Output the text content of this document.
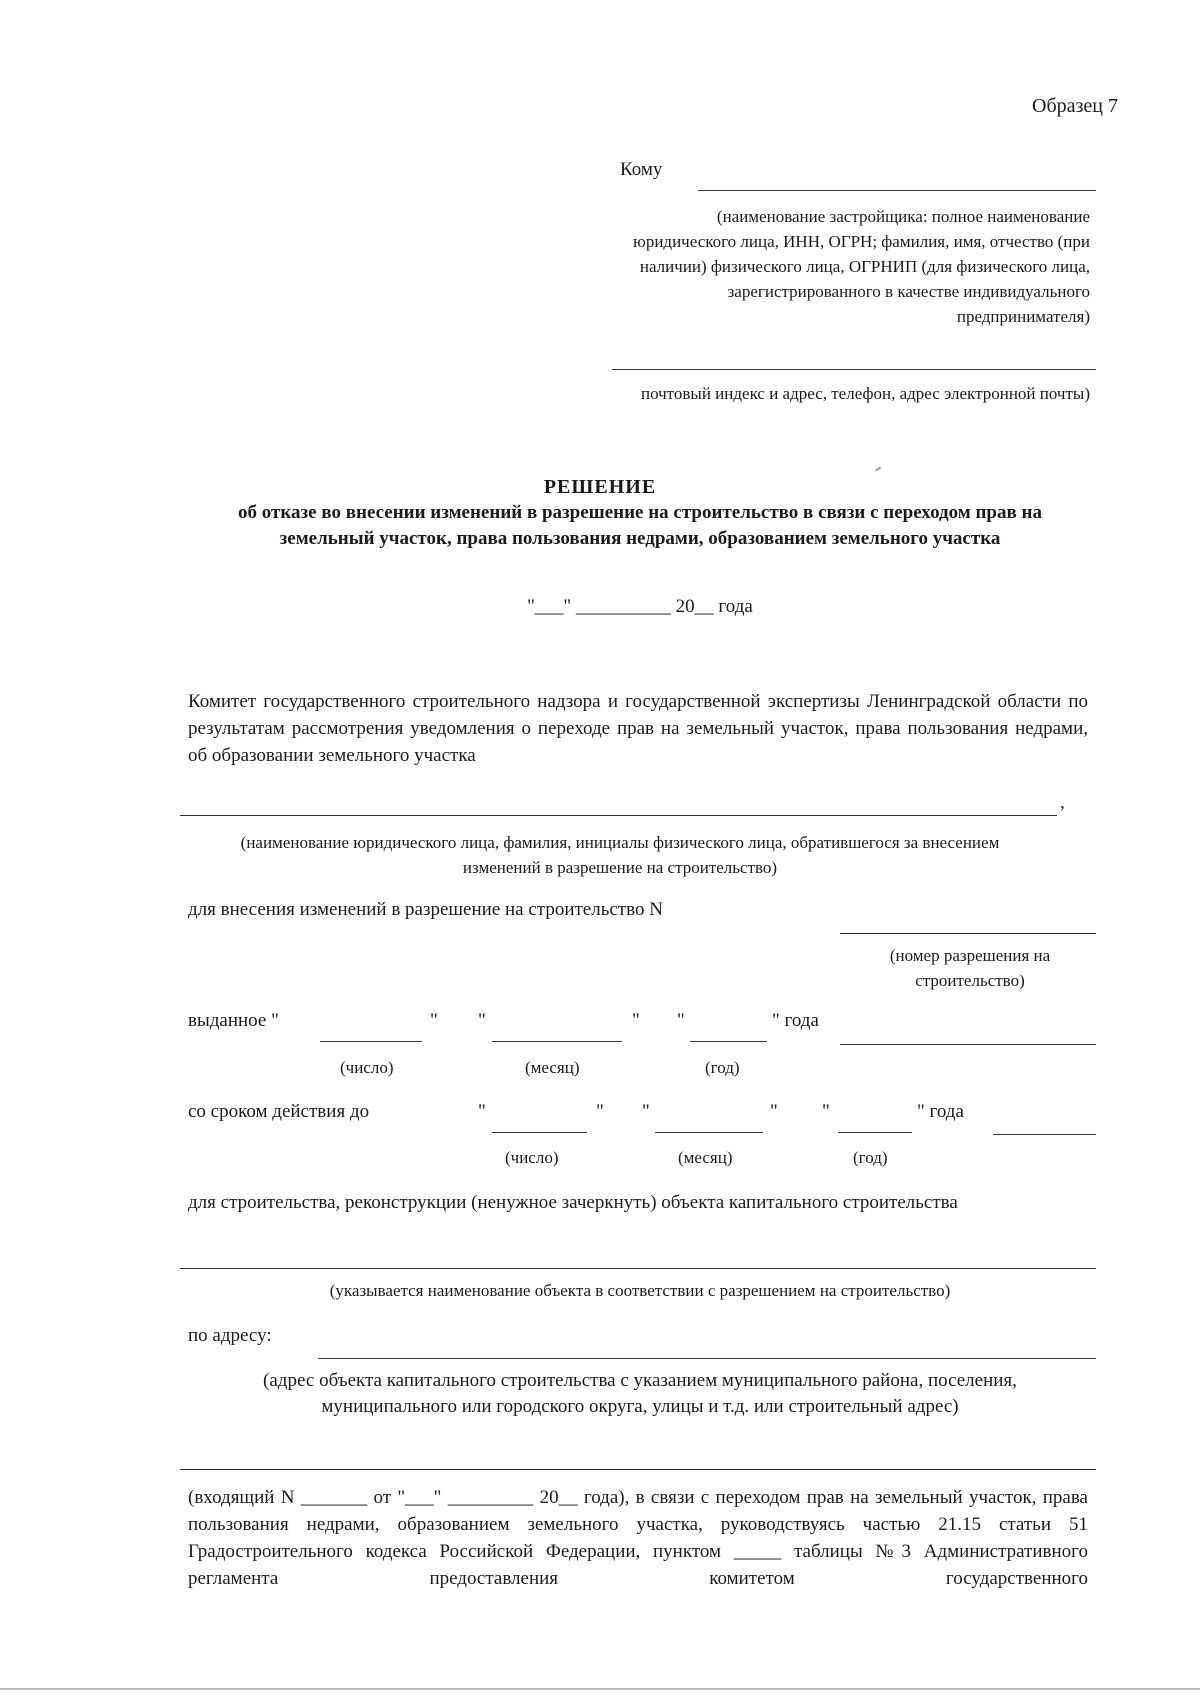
Образец 7
Кому
(наименование застройщика: полное наименование юридического лица, ИНН, ОГРН; фамилия, имя, отчество (при наличии) физического лица, ОГРНИП (для физического лица, зарегистрированного в качестве индивидуального предпринимателя)
почтовый индекс и адрес, телефон, адрес электронной почты)
РЕШЕНИЕ
об отказе во внесении изменений в разрешение на строительство в связи с переходом прав на земельный участок, права пользования недрами, образованием земельного участка
"___" __________ 20__ года
Комитет государственного строительного надзора и государственной экспертизы Ленинградской области по результатам рассмотрения уведомления о переходе прав на земельный участок, права пользования недрами, об образовании земельного участка
,
(наименование юридического лица, фамилия, инициалы физического лица, обратившегося за внесением изменений в разрешение на строительство)
для внесения изменений в разрешение на строительство N
(номер разрешения на строительство)
выданное "	" "	" "	" года
(число)	(месяц)	(год)
со сроком действия до	"	" "	" "	" года
(число)	(месяц)	(год)
для строительства, реконструкции (ненужное зачеркнуть) объекта капитального строительства
(указывается наименование объекта в соответствии с разрешением на строительство)
по адресу:
(адрес объекта капитального строительства с указанием муниципального района, поселения, муниципального или городского округа, улицы и т.д. или строительный адрес)
(входящий N _______ от "___" _________ 20__ года), в связи с переходом прав на земельный участок, права пользования недрами, образованием земельного участка, руководствуясь частью 21.15 статьи 51 Градостроительного кодекса Российской Федерации, пунктом _____ таблицы №3 Административного регламента предоставления комитетом государственного
